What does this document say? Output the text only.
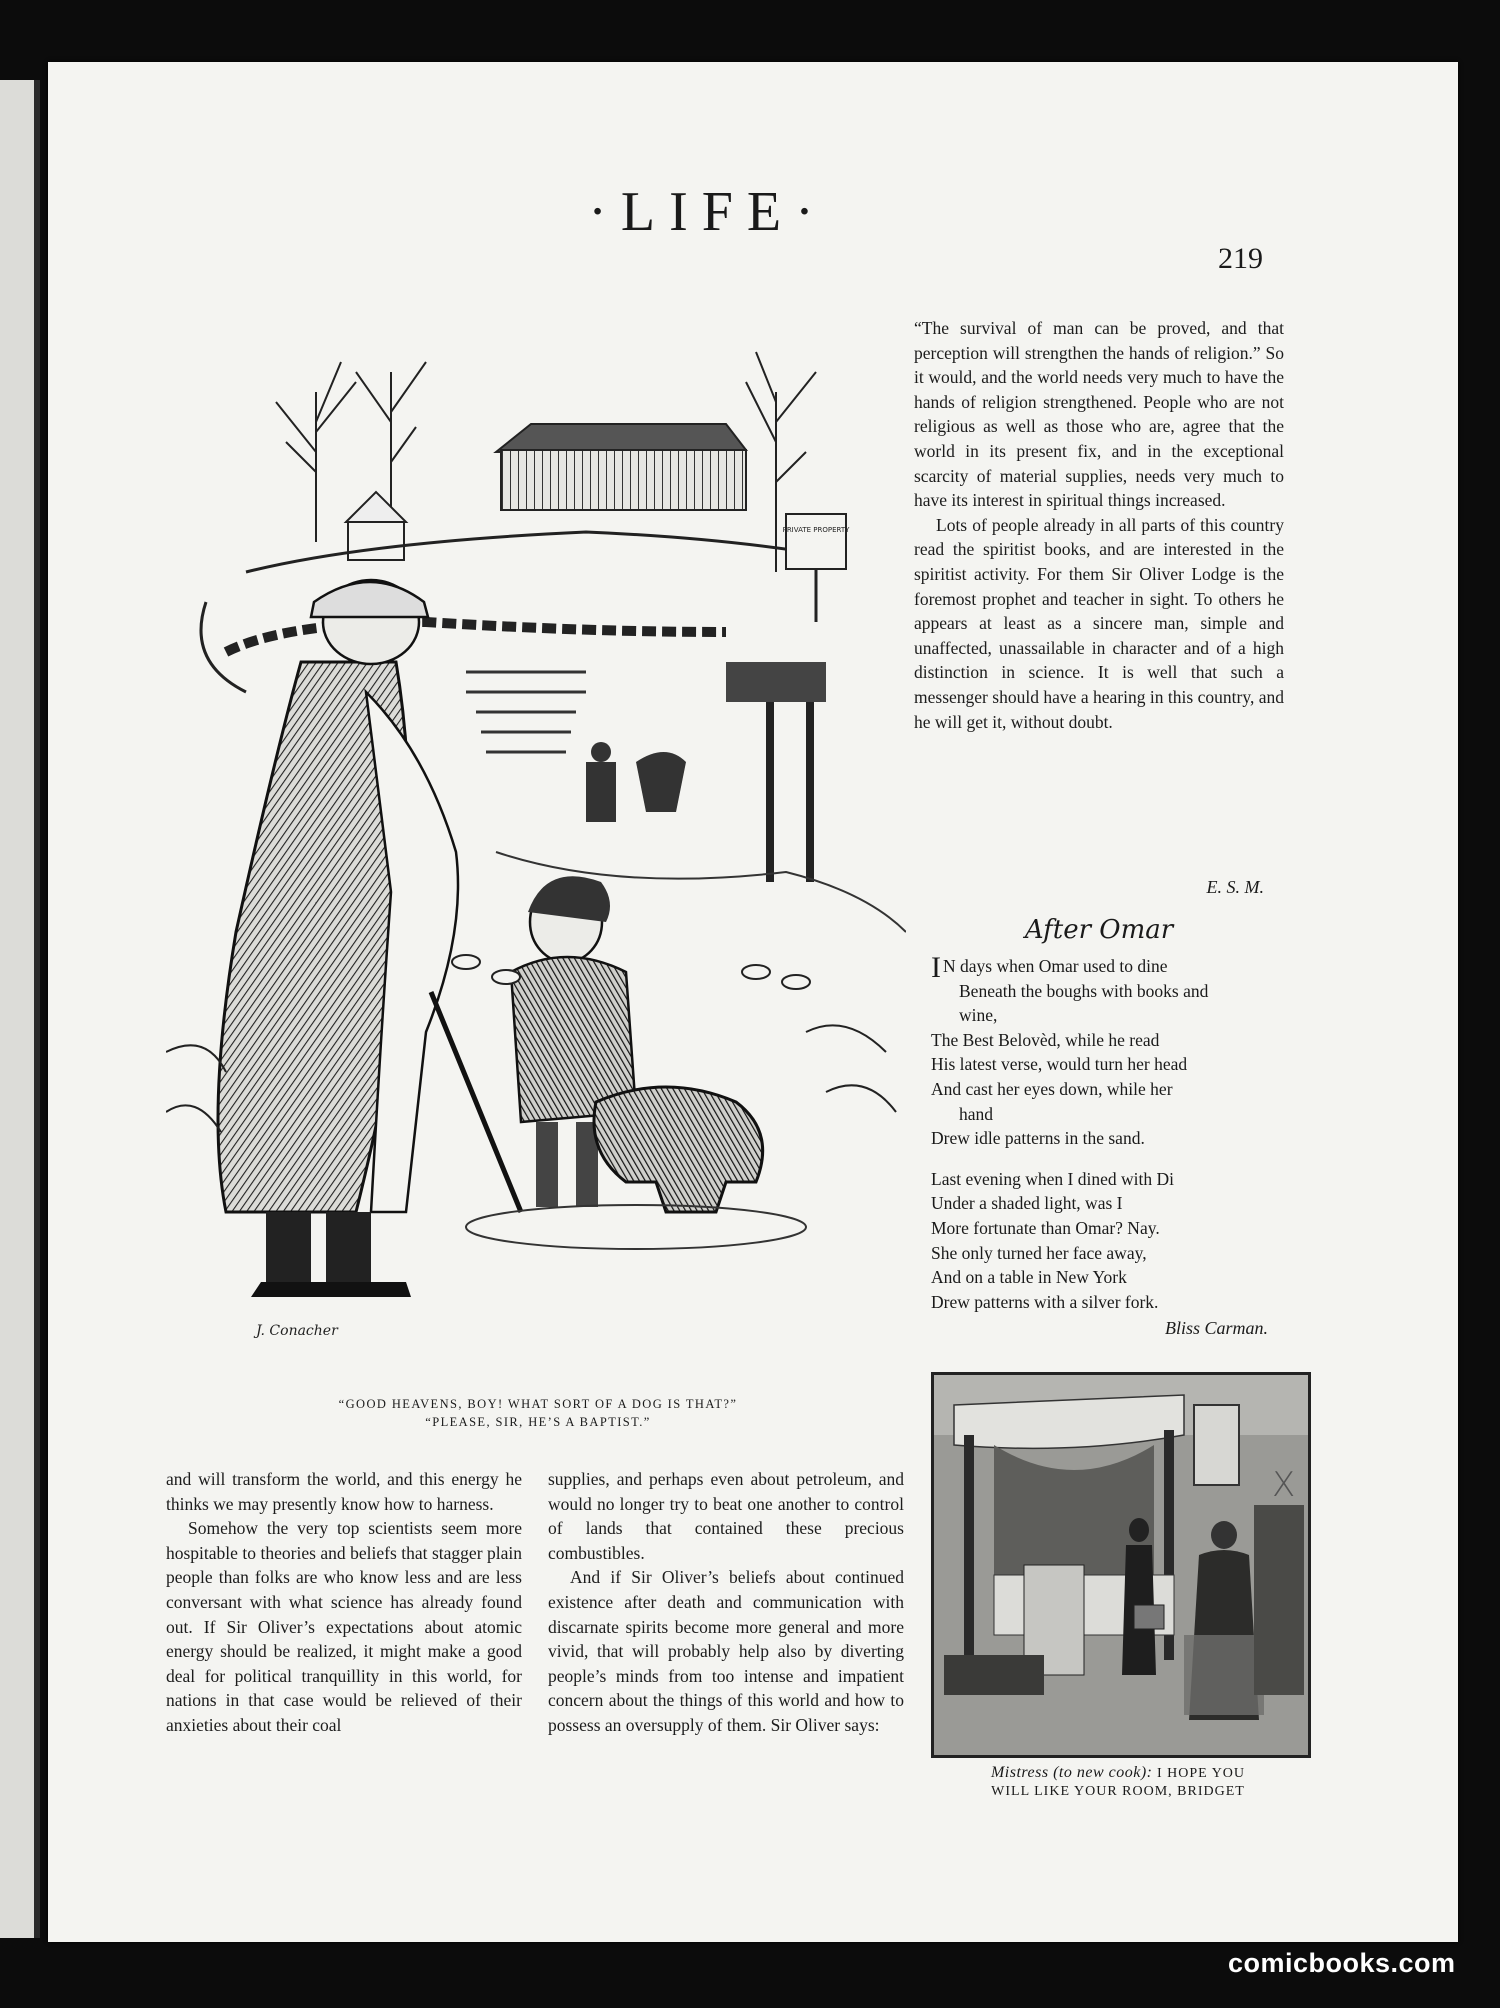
·LIFE·
219
PRIVATE PROPERTY
J. Conacher
“GOOD HEAVENS, BOY! WHAT SORT OF A DOG IS THAT?”
“PLEASE, SIR, HE’S A BAPTIST.”

“The survival of man can be proved, and that perception will strengthen the hands of religion.” So it would, and the world needs very much to have the hands of religion strengthened. People who are not religious as well as those who are, agree that the world in its present fix, and in the exceptional scarcity of material supplies, needs very much to have its interest in spiritual things increased.

Lots of people already in all parts of this country read the spiritist books, and are interested in the spiritist activity. For them Sir Oliver Lodge is the foremost prophet and teacher in sight. To others he appears at least as a sincere man, simple and unaffected, unassailable in character and of a high distinction in science. It is well that such a messenger should have a hearing in this country, and he will get it, without doubt.

E. S. M.
After Omar
I N days when Omar used to dine
Beneath the boughs with books and
wine,
The Best Belovèd, while he read
His latest verse, would turn her head
And cast her eyes down, while her
hand
Drew idle patterns in the sand.
Last evening when I dined with Di
Under a shaded light, was I
More fortunate than Omar? Nay.
She only turned her face away,
And on a table in New York
Drew patterns with a silver fork.
Bliss Carman.

and will transform the world, and this energy he thinks we may presently know how to harness.

Somehow the very top scientists seem more hospitable to theories and beliefs that stagger plain people than folks are who know less and are less conversant with what science has already found out. If Sir Oliver’s expectations about atomic energy should be realized, it might make a good deal for political tranquillity in this world, for nations in that case would be relieved of their anxieties about their coal

supplies, and perhaps even about petroleum, and would no longer try to beat one another to control of lands that contained these precious combustibles.

And if Sir Oliver’s beliefs about continued existence after death and communication with discarnate spirits become more general and more vivid, that will probably help also by diverting people’s minds from too intense and impatient concern about the things of this world and how to possess an oversupply of them. Sir Oliver says:

Mistress (to new cook): I HOPE YOU
WILL LIKE YOUR ROOM, BRIDGET
X
comicbooks.com
